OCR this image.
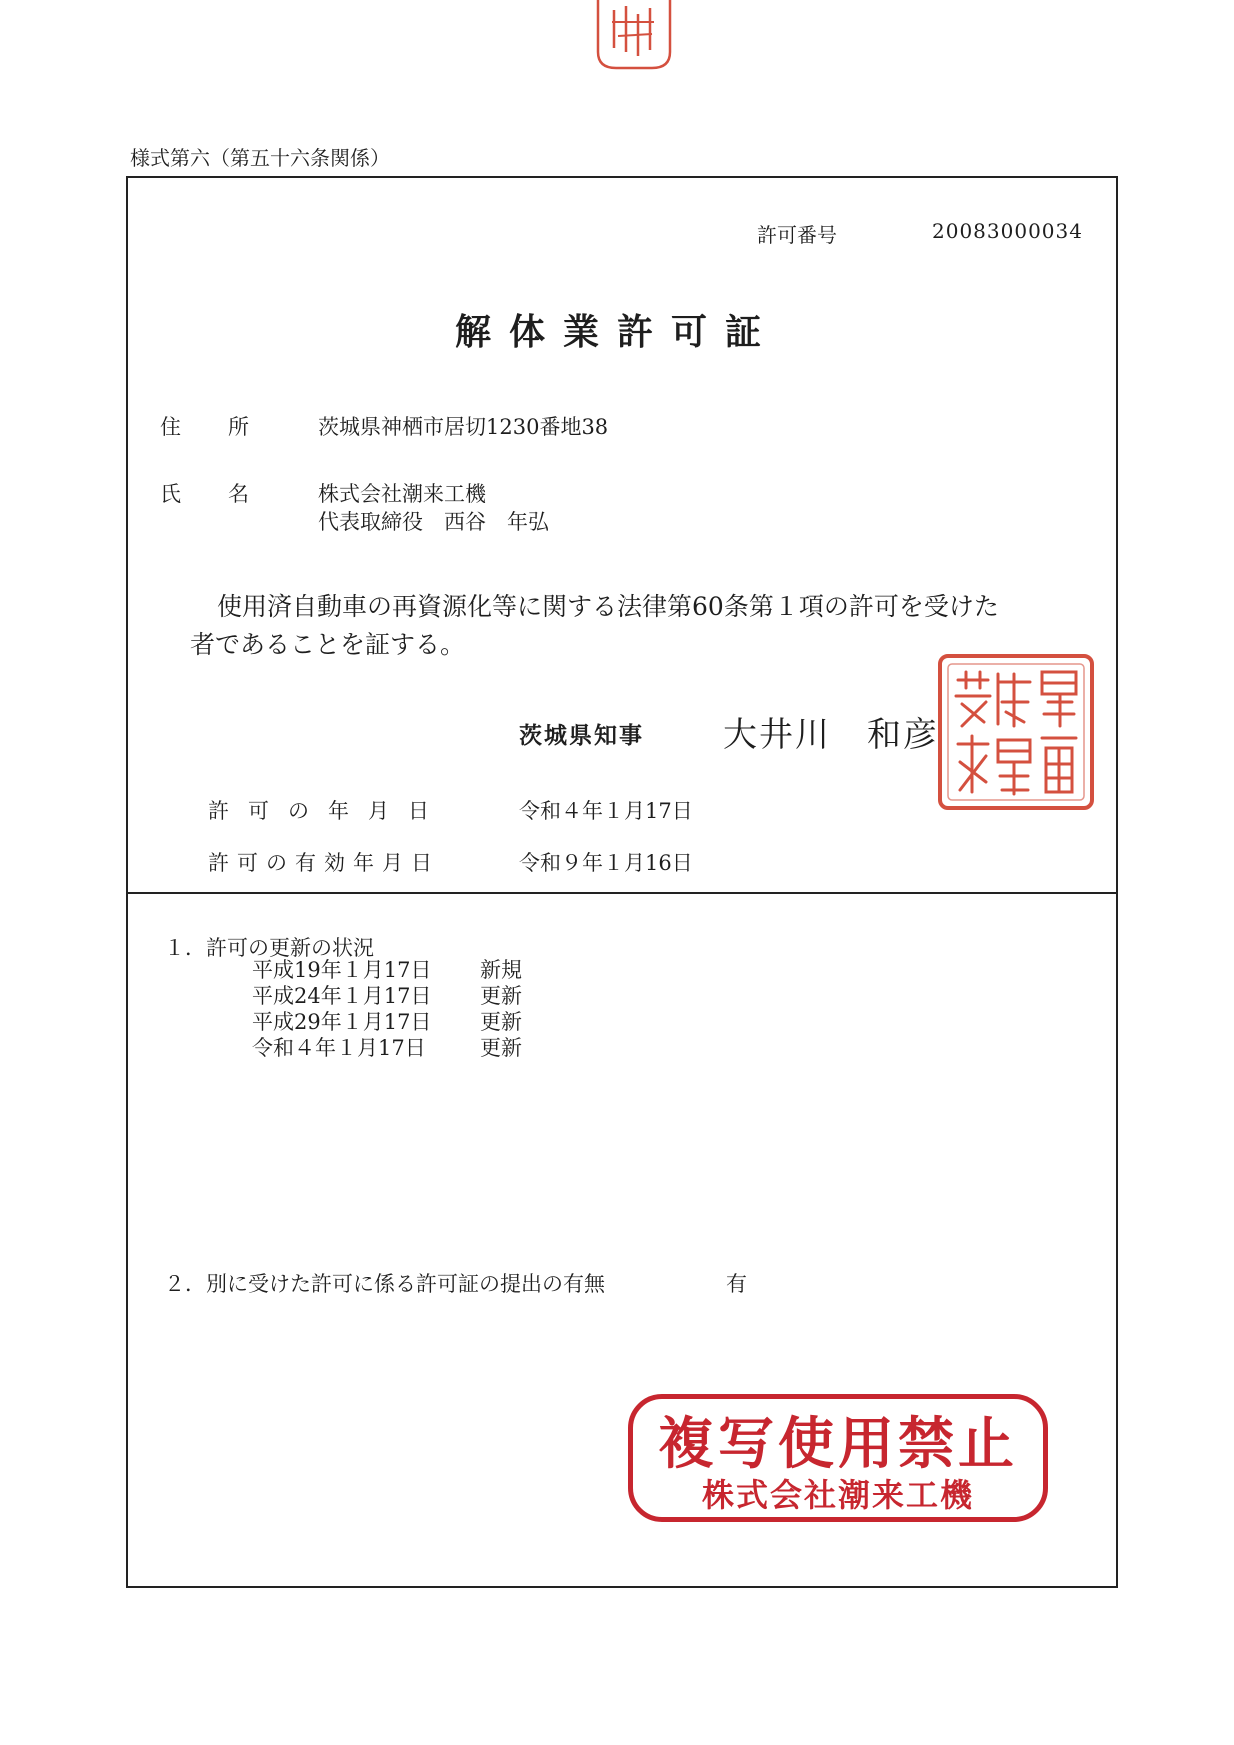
様式第六（第五十六条関係）
許可番号	20083000034
解体業許可証
住 所	茨城県神栖市居切1230番地38
氏 名	株式会社潮来工機
代表取締役　西谷　年弘

使用済自動車の再資源化等に関する法律第60条第１項の許可を受けた

者であることを証する。

茨城県知事 大井川　和彦
許可の年月日	令和４年１月17日
許可の有効年月日	令和９年１月16日
１．許可の更新の状況
平成19年１月17日	新規
平成24年１月17日	更新
平成29年１月17日	更新
令和４年１月17日	更新
２．別に受けた許可に係る許可証の提出の有無	有
複写使用禁止
株式会社潮来工機
